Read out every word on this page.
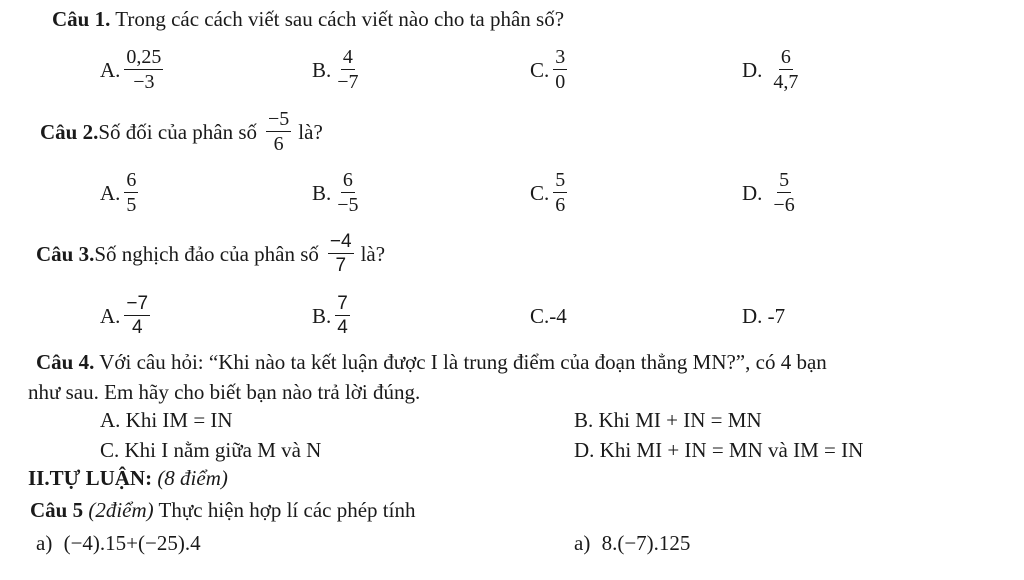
Câu 1. Trong các cách viết sau cách viết nào cho ta phân số?
A. $\frac{0,25}{-3}$	B. $\frac{4}{-7}$	C. $\frac{3}{0}$	D. $\frac{6}{4,7}$
Câu 2. Số đối của phân số $\frac{-5}{6}$ là?
A. $\frac{6}{5}$	B. $\frac{6}{-5}$	C. $\frac{5}{6}$	D. $\frac{5}{-6}$
Câu 3. Số nghịch đảo của phân số $\frac{-4}{7}$ là?
A. $\frac{-7}{4}$	B. $\frac{7}{4}$	C.-4	D. -7
Câu 4. Với câu hỏi: “Khi nào ta kết luận được I là trung điểm của đoạn thẳng MN?”, có 4 bạn
như sau. Em hãy cho biết bạn nào trả lời đúng.
A. Khi IM = IN	B. Khi MI + IN = MN
C. Khi I nằm giữa M và N	D. Khi MI + IN = MN và IM = IN
II.TỰ LUẬN: (8 điểm)
Câu 5 (2điểm) Thực hiện hợp lí các phép tính
a) (−4).15+(−25).4	a) 8.(−7).125
